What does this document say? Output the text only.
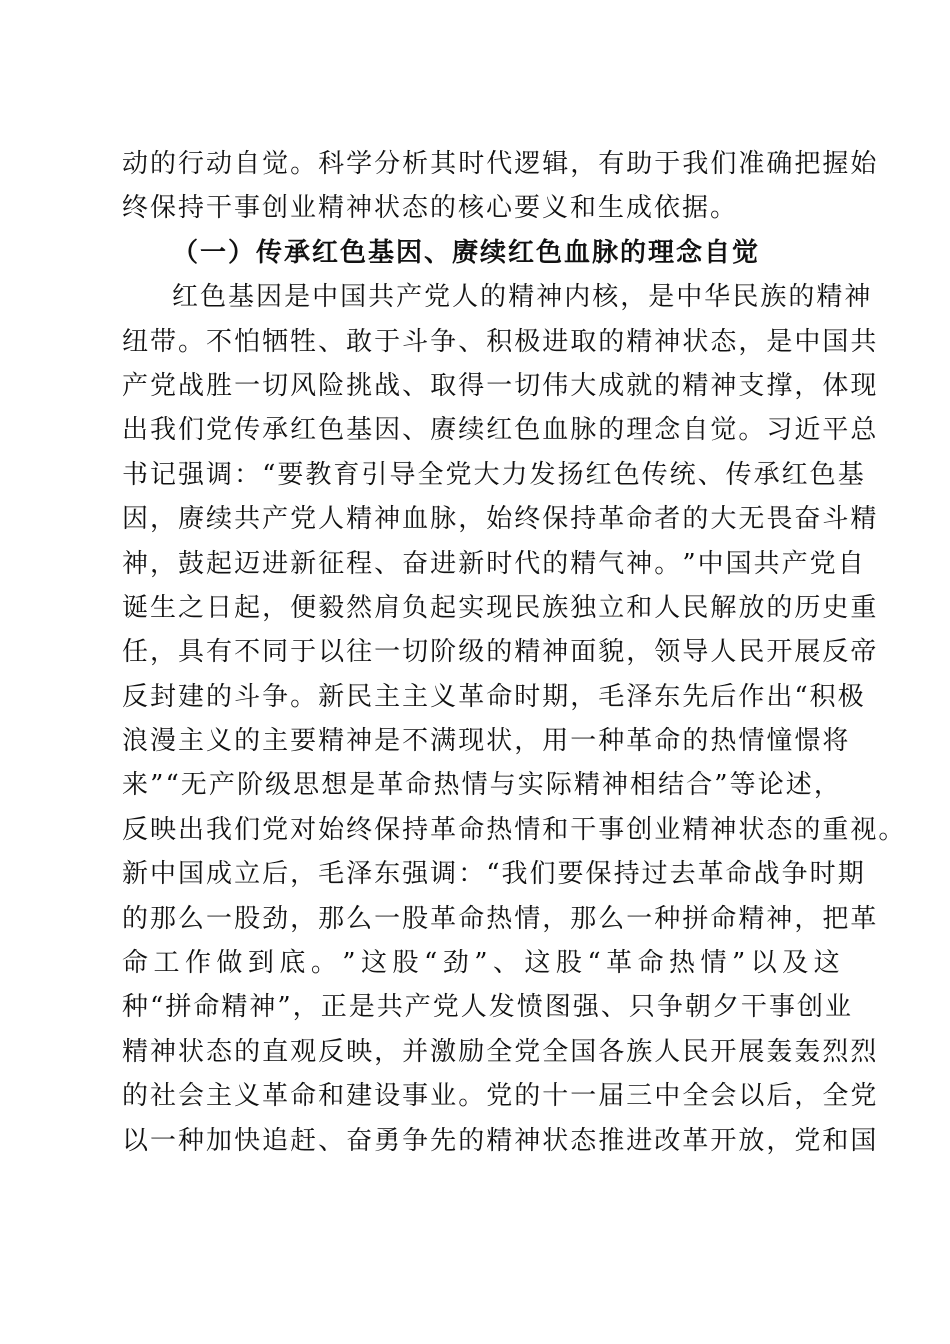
动 的 行 动 自 觉 。 科 学 分 析 其 时 代 逻 辑 ， 有 助 于 我 们 准 确 把 握 始
终保持干事创业精神状态的核心要义和生成依据。
（一）传承红色基因、赓续红色血脉的理念自觉
红 色 基 因 是 中 国 共 产 党 人 的 精 神 内 核 ， 是 中 华 民 族 的 精 神
纽 带 。 不 怕 牺 牲 、 敢 于 斗 争 、 积 极 进 取 的 精 神 状 态 ， 是 中 国 共
产 党 战 胜 一 切 风 险 挑 战 、 取 得 一 切 伟 大 成 就 的 精 神 支 撑 ， 体 现
出 我 们 党 传 承 红 色 基 因 、 赓 续 红 色 血 脉 的 理 念 自 觉 。 习 近 平 总
书 记 强 调 ： “ 要 教 育 引 导 全 党 大 力 发 扬 红 色 传 统 、 传 承 红 色 基
因 ， 赓 续 共 产 党 人 精 神 血 脉 ， 始 终 保 持 革 命 者 的 大 无 畏 奋 斗 精
神 ， 鼓 起 迈 进 新 征 程 、 奋 进 新 时 代 的 精 气 神 。 ” 中 国 共 产 党 自
诞 生 之 日 起 ， 便 毅 然 肩 负 起 实 现 民 族 独 立 和 人 民 解 放 的 历 史 重
任 ， 具 有 不 同 于 以 往 一 切 阶 级 的 精 神 面 貌 ， 领 导 人 民 开 展 反 帝
反 封 建 的 斗 争 。 新 民 主 主 义 革 命 时 期 ， 毛 泽 东 先 后 作 出 “ 积 极
浪 漫 主 义 的 主 要 精 神 是 不 满 现 状 ， 用 一 种 革 命 的 热 情 憧 憬 将
来 ” “ 无 产 阶 级 思 想 是 革 命 热 情 与 实 际 精 神 相 结 合 ” 等 论 述 ，
反 映 出 我 们 党 对 始 终 保 持 革 命 热 情 和 干 事 创 业 精 神 状 态 的 重 视 。
新 中 国 成 立 后 ， 毛 泽 东 强 调 ： “ 我 们 要 保 持 过 去 革 命 战 争 时 期
的 那 么 一 股 劲 ， 那 么 一 股 革 命 热 情 ， 那 么 一 种 拼 命 精 神 ， 把 革
命 工 作 做 到 底 。 ” 这 股 “ 劲 ” 、 这 股 “ 革 命 热 情 ” 以 及 这
种 “ 拼 命 精 神 ” ， 正 是 共 产 党 人 发 愤 图 强 、 只 争 朝 夕 干 事 创 业
精 神 状 态 的 直 观 反 映 ， 并 激 励 全 党 全 国 各 族 人 民 开 展 轰 轰 烈 烈
的 社 会 主 义 革 命 和 建 设 事 业 。 党 的 十 一 届 三 中 全 会 以 后 ， 全 党
以 一 种 加 快 追 赶 、 奋 勇 争 先 的 精 神 状 态 推 进 改 革 开 放 ， 党 和 国
